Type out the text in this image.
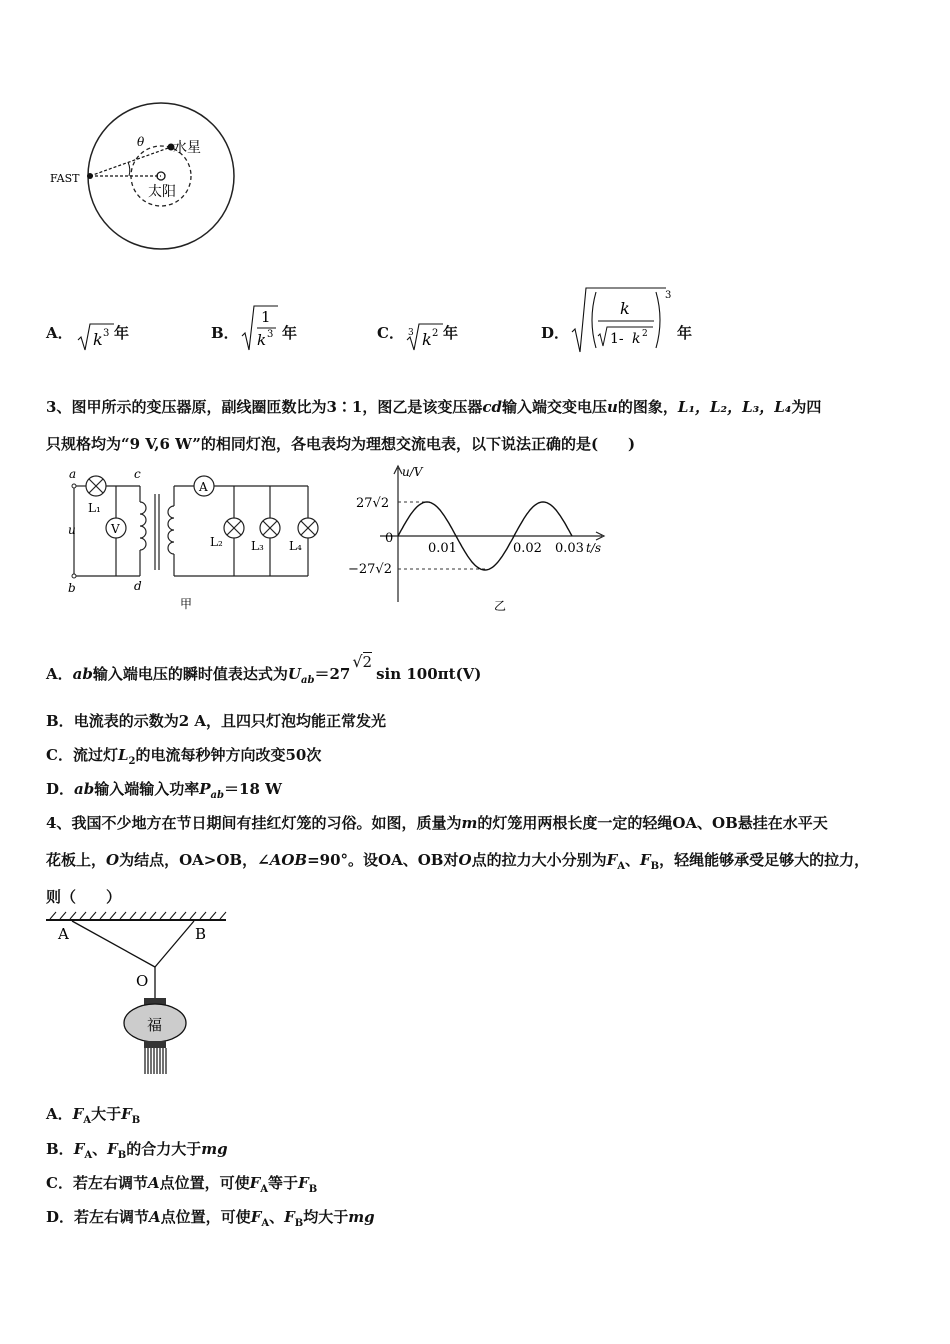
FAST
θ 水星
太阳
A． k 3 年	B．
1
k 3 年	C． 3 k 2 年	D．
k
1- k 2
3
年
3、图甲所示的变压器原，副线圈匝数比为3∶1，图乙是该变压器cd输入端交变电压u的图象，L₁，L₂，L₃，L₄为四
只规格均为“9 V,6 W”的相同灯泡，各电表均为理想交流电表，以下说法正确的是(　　)
a
b
c
d
u
L₁
V
A
L₂ L₃ L₄
甲
u/V
t/s
27√2
0
−27√2
0.01	0.02 0.03
乙
A．ab输入端电压的瞬时值表达式为$U_{ab}=27√2\sin$ 100πt(V)
B．电流表的示数为2 A，且四只灯泡均能正常发光
C．流过灯$L_2$的电流每秒钟方向改变50次
D．ab输入端输入功率$P_{ab}=18$ W
4、我国不少地方在节日期间有挂红灯笼的习俗。如图，质量为m的灯笼用两根长度一定的轻绳OA、OB悬挂在水平天
花板上，O为结点，OA>OB，∠AOB=90°。设OA、OB对O点的拉力大小分别为$F_A$、$F_B$，轻绳能够承受足够大的拉力，
则（　　）
A	B
O
福
A．$F_A$大于$F_B$
B．$F_A$、$F_B$的合力大于mg
C．若左右调节A点位置，可使$F_A$等于$F_B$
D．若左右调节A点位置，可使$F_A$、$F_B$均大于mg
